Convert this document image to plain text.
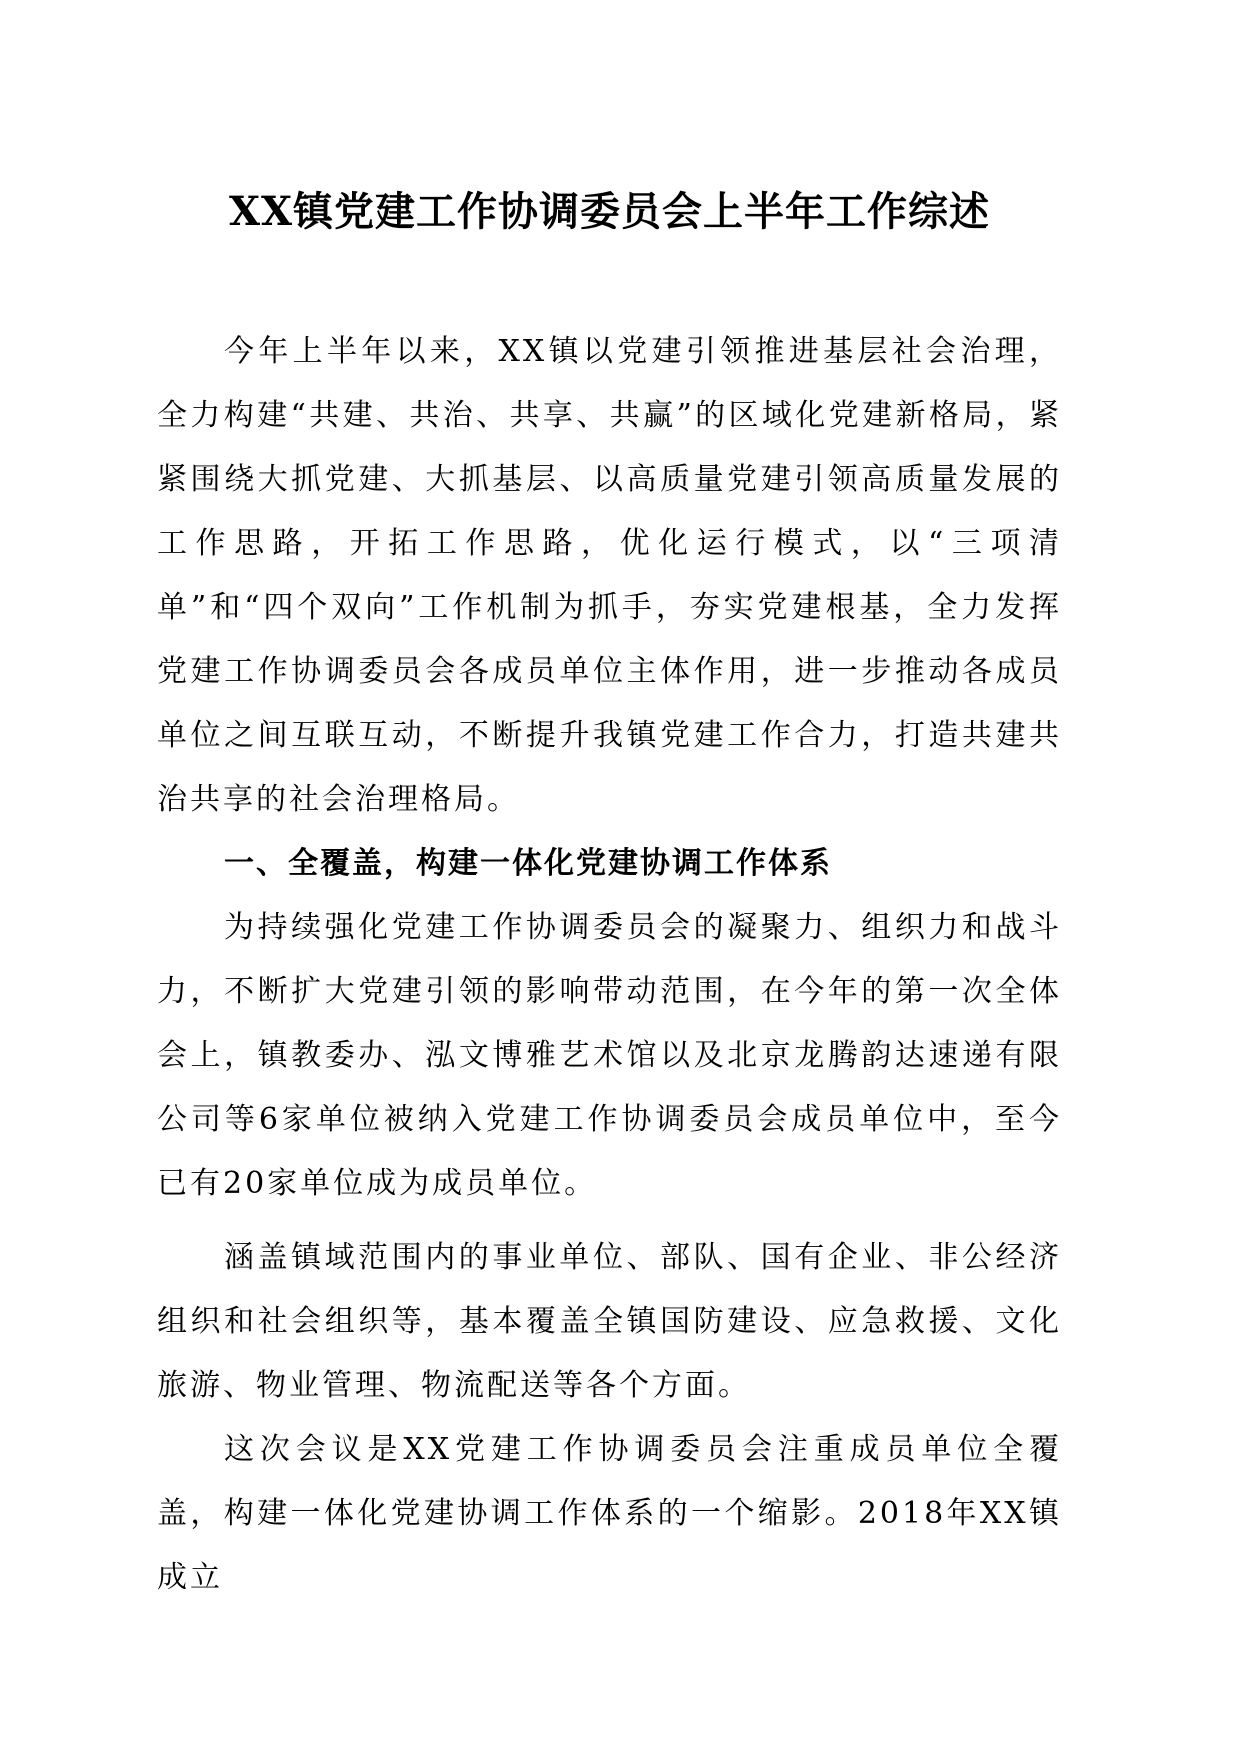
XX镇党建工作协调委员会上半年工作综述

今年上半年以来，XX镇以党建引领推进基层社会治理，全力构建“共建、共治、共享、共赢”的区域化党建新格局，紧紧围绕大抓党建、大抓基层、以高质量党建引领高质量发展的工作思路，开拓工作思路，优化运行模式，以“三项清单”和“四个双向”工作机制为抓手，夯实党建根基，全力发挥党建工作协调委员会各成员单位主体作用，进一步推动各成员单位之间互联互动，不断提升我镇党建工作合力，打造共建共治共享的社会治理格局。

一、全覆盖，构建一体化党建协调工作体系

为持续强化党建工作协调委员会的凝聚力、组织力和战斗力，不断扩大党建引领的影响带动范围，在今年的第一次全体会上，镇教委办、泓文博雅艺术馆以及北京龙腾韵达速递有限公司等6家单位被纳入党建工作协调委员会成员单位中，至今已有20家单位成为成员单位。

涵盖镇域范围内的事业单位、部队、国有企业、非公经济组织和社会组织等，基本覆盖全镇国防建设、应急救援、文化旅游、物业管理、物流配送等各个方面。

这次会议是XX党建工作协调委员会注重成员单位全覆盖，构建一体化党建协调工作体系的一个缩影。2018年XX镇成立
